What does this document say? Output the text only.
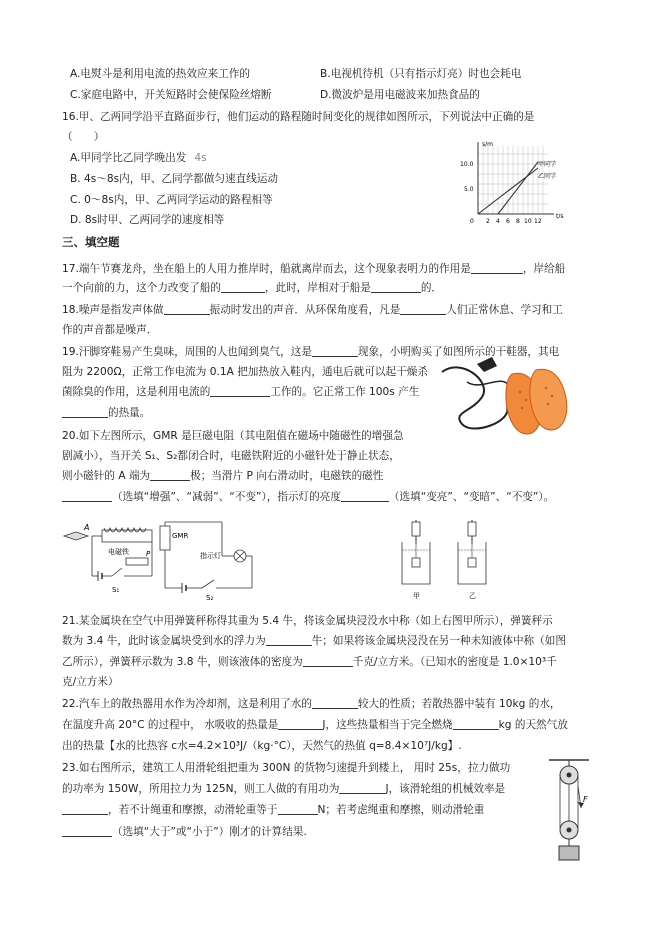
A.电熨斗是利用电流的热效应来工作的	B.电视机待机（只有指示灯亮）时也会耗电
C.家庭电路中，开关短路时会使保险丝熔断	D.微波炉是用电磁波来加热食品的
16.甲、乙两同学沿平直路面步行，他们运动的路程随时间变化的规律如图所示，下列说法中正确的是
（　　）
A.甲同学比乙同学晚出发 4s
B. 4s～8s内，甲、乙同学都做匀速直线运动
C. 0～8s内，甲、乙两同学运动的路程相等
D. 8s时甲、乙两同学的速度相等
s/m
t/s
10.0
5.0
0 2 4 6 8 10 12
甲同学
乙同学
三、填空题
17.端午节赛龙舟，坐在船上的人用力推岸时，船就离岸而去，这个现象表明力的作用是	，岸给船
一个向前的力，这个力改变了船的	，此时，岸相对于船是	的．
18.噪声是指发声体做	振动时发出的声音．从环保角度看，凡是	人们正常休息、学习和工
作的声音都是噪声．
19.汗脚穿鞋易产生臭味，周围的人也闻到臭气，这是	现象，小明购买了如图所示的干鞋器，其电
阻为 2200Ω，正常工作电流为 0.1A 把加热放入鞋内，通电后就可以起干燥杀
菌除臭的作用，这是利用电流的	工作的。它正常工作 100s 产生
的热量。
20.如下左图所示，GMR 是巨磁电阻（其电阻值在磁场中随磁性的增强急
剧减小），当开关 S₁、S₂都闭合时，电磁铁附近的小磁针处于静止状态，
则小磁针的 A 端为	极；当滑片 P 向右滑动时，电磁铁的磁性
（选填“增强”、“减弱”、“不变”），指示灯的亮度	（选填“变亮”、“变暗”、“不变”）。
A
电磁铁
S₁
P
GMR
指示灯
S₂	甲	乙
21.某金属块在空气中用弹簧秤称得其重为 5.4 牛，将该金属块浸没水中称（如上右图甲所示），弹簧秤示
数为 3.4 牛，此时该金属块受到水的浮力为	牛；如果将该金属块浸没在另一种未知液体中称（如图
乙所示），弹簧秤示数为 3.8 牛，则该液体的密度为	千克/立方米。（已知水的密度是 1.0×10³千
克/立方米）
22.汽车上的散热器用水作为冷却剂，这是利用了水的	较大的性质；若散热器中装有 10kg 的水，
在温度升高 20°C 的过程中， 水吸收的热量是	J，这些热量相当于完全燃烧	kg 的天然气放
出的热量【水的比热容 c水=4.2×10³J/（kg·°C），天然气的热值 q=8.4×10⁷J/kg】.
23.如右图所示，建筑工人用滑轮组把重为 300N 的货物匀速提升到楼上， 用时 25s，拉力做功
的功率为 150W，所用拉力为 125N，则工人做的有用功为	J，该滑轮组的机械效率是
，若不计绳重和摩擦，动滑轮重等于	N；若考虑绳重和摩擦，则动滑轮重
（选填“大于”或“小于”）刚才的计算结果.
F
